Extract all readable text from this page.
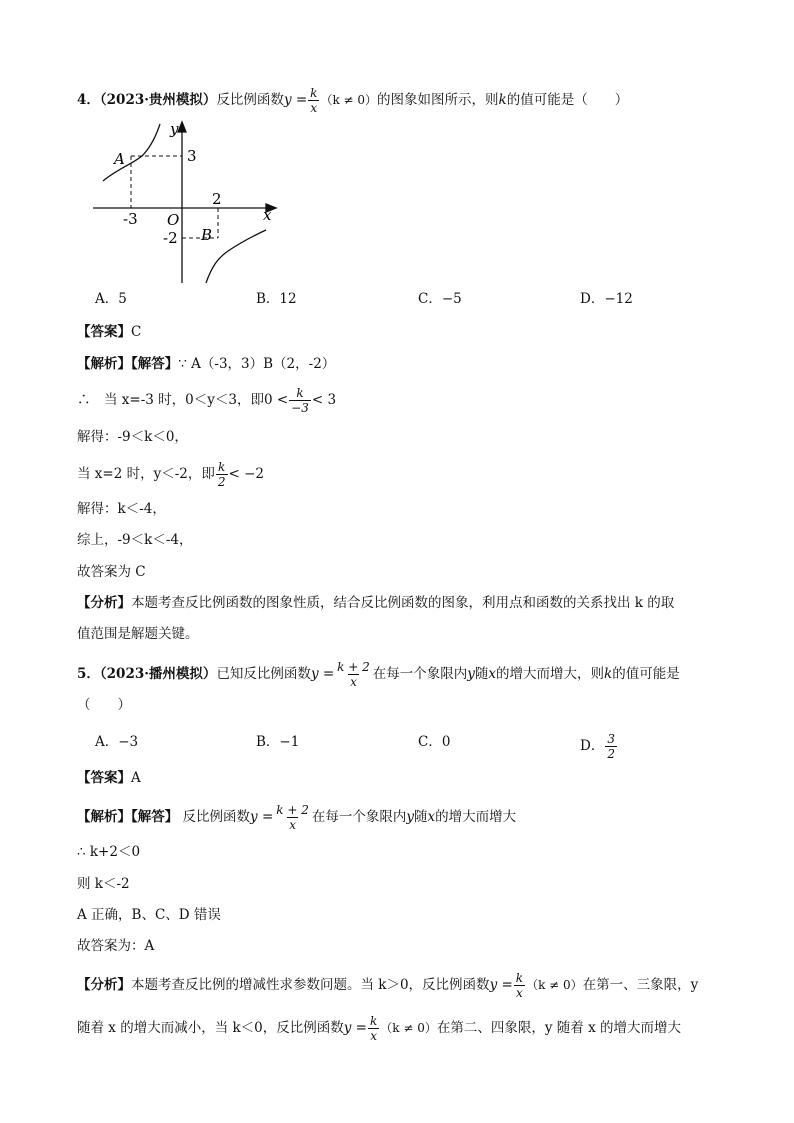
4．（2023·贵州模拟）反比例函数$y = \frac{k}{x} (k \ne 0)$的图象如图所示，则k的值可能是（　　）
y
x
O
A
B
3
-3
2
-2
A．5	B．12	C．−5	D．−12
【答案】C
【解析】【解答】∵ A（-3，3）B（2，-2）
∴　当 x=-3 时，0＜y＜3，即$0 < \frac{k}{-3} < 3$
解得：-9＜k＜0，
当 x=2 时，y＜-2，即 $\frac{k}{2} < -2$
解得：k＜-4，
综上，-9＜k＜-4，
故答案为 C
【分析】本题考查反比例函数的图象性质，结合反比例函数的图象，利用点和函数的关系找出 k 的取
值范围是解题关键。
5．（2023·播州模拟）已知反比例函数$y = \frac{k + 2}{x}$ 在每一个象限内y随x的增大而增大，则k的值可能是
（　　）
A．−3	B．−1	C．0	D． $\frac{3}{2}$
【答案】A
【解析】【解答】 反比例函数$y = \frac{k + 2}{x}$ 在每一个象限内y随x的增大而增大
∴ k+2＜0
则 k＜-2
A 正确，B、C、D 错误
故答案为：A
【分析】本题考查反比例的增减性求参数问题。当 k＞0，反比例函数$y = \frac{k}{x} (k \ne 0)$在第一、三象限，y
随着 x 的增大而减小，当 k＜0，反比例函数$y = \frac{k}{x} (k \ne 0)$在第二、四象限，y 随着 x 的增大而增大
